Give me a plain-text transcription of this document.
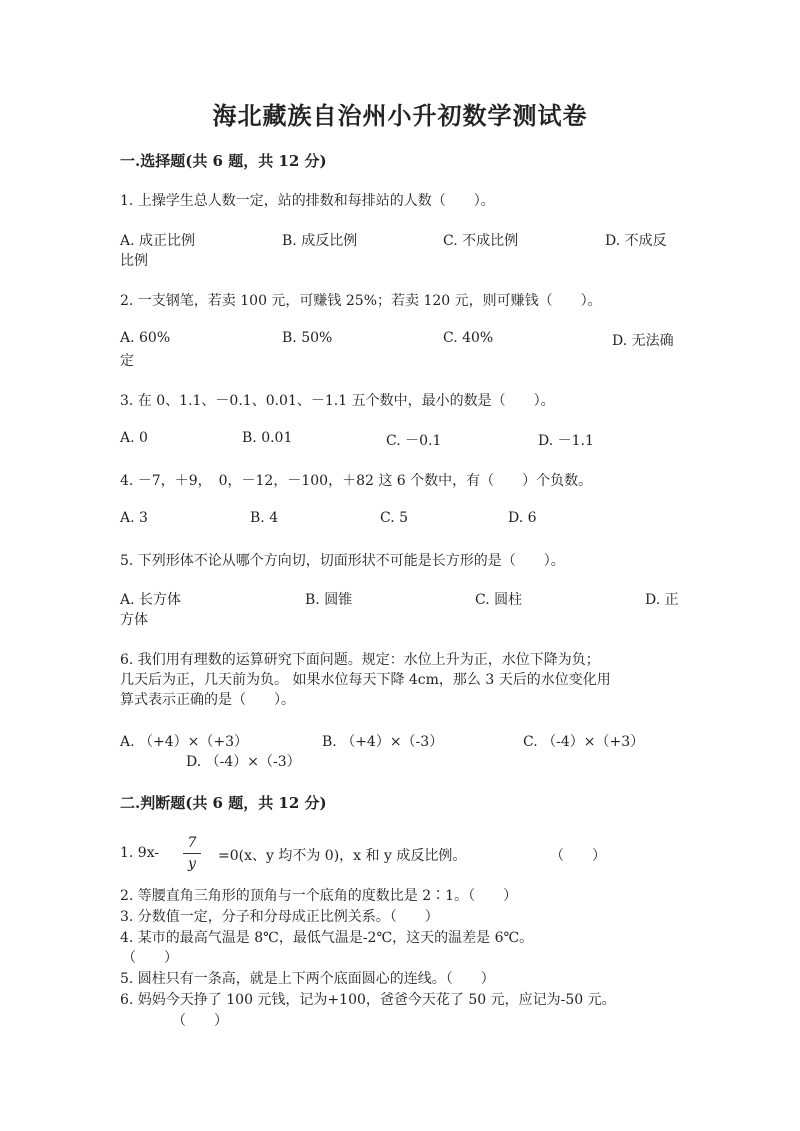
海北藏族自治州小升初数学测试卷
一.选择题(共 6 题，共 12 分)
1. 上操学生总人数一定，站的排数和每排站的人数（　　）。
A. 成正比例	B. 成反比例	C. 不成比例	D. 不成反
比例
2. 一支钢笔，若卖 100 元，可赚钱 25%；若卖 120 元，则可赚钱（　　）。
A. 60%	B. 50%	C. 40%	D. 无法确
定
3. 在 0、1.1、－0.1、0.01、－1.1 五个数中，最小的数是（　　）。
A. 0	B. 0.01	C. －0.1	D. －1.1
4. －7，＋9，　0，－12，－100，＋82 这 6 个数中，有（　　）个负数。
A. 3	B. 4	C. 5	D. 6
5. 下列形体不论从哪个方向切，切面形状不可能是长方形的是（　　）。
A. 长方体	B. 圆锥	C. 圆柱	D. 正
方体
6. 我们用有理数的运算研究下面问题。规定：水位上升为正，水位下降为负；
几天后为正，几天前为负。 如果水位每天下降 4cm，那么 3 天后的水位变化用
算式表示正确的是（　　）。
A. （+4）×（+3）	B. （+4）×（-3）	C. （-4）×（+3）
D. （-4）×（-3）
二.判断题(共 6 题，共 12 分)
1. 9x-
7
y	=0(x、y 均不为 0)，x 和 y 成反比例。	（　　）
2. 等腰直角三角形的顶角与一个底角的度数比是 2∶1。（　　）
3. 分数值一定，分子和分母成正比例关系。（　　）
4. 某市的最高气温是 8℃，最低气温是-2℃，这天的温差是 6℃。
（　　）
5. 圆柱只有一条高，就是上下两个底面圆心的连线。（　　）
6. 妈妈今天挣了 100 元钱，记为+100，爸爸今天花了 50 元，应记为-50 元。
（　　）
